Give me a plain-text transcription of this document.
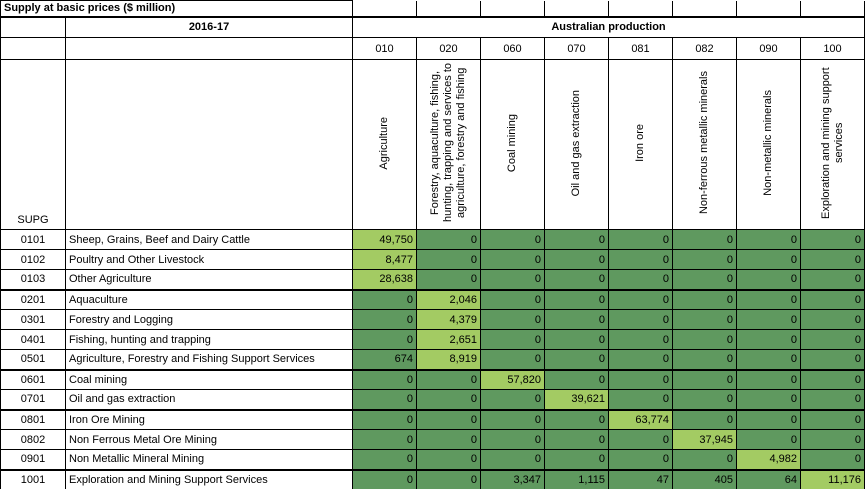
Supply at basic prices ($ million)									
	2016-17	Australian production							
		010	020	060	070	081	082	090	100
SUPG		Agriculture	Forestry, aquaculture, fishing, hunting, trapping and services to agriculture, forestry and fishing	Coal mining	Oil and gas extraction	Iron ore	Non-ferrous metallic minerals	Non-metallic minerals	Exploration and mining support services
0101	Sheep, Grains, Beef and Dairy Cattle	49,750	0	0	0	0	0	0	0
0102	Poultry and Other Livestock	8,477	0	0	0	0	0	0	0
0103	Other Agriculture	28,638	0	0	0	0	0	0	0
0201	Aquaculture	0	2,046	0	0	0	0	0	0
0301	Forestry and Logging	0	4,379	0	0	0	0	0	0
0401	Fishing, hunting and trapping	0	2,651	0	0	0	0	0	0
0501	Agriculture, Forestry and Fishing Support Services	674	8,919	0	0	0	0	0	0
0601	Coal mining	0	0	57,820	0	0	0	0	0
0701	Oil and gas extraction	0	0	0	39,621	0	0	0	0
0801	Iron Ore Mining	0	0	0	0	63,774	0	0	0
0802	Non Ferrous Metal Ore Mining	0	0	0	0	0	37,945	0	0
0901	Non Metallic Mineral Mining	0	0	0	0	0	0	4,982	0
1001	Exploration and Mining Support Services	0	0	3,347	1,115	47	405	64	11,176
